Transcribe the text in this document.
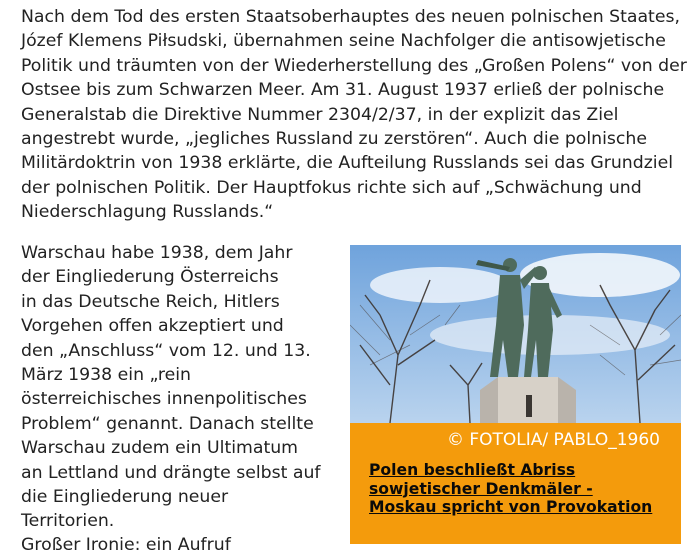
Nach dem Tod des ersten Staatsoberhauptes des neuen polnischen Staates,
Józef Klemens Piłsudski, übernahmen seine Nachfolger die antisowjetische
Politik und träumten von der Wiederherstellung des „Großen Polens“ von der
Ostsee bis zum Schwarzen Meer. Am 31. August 1937 erließ der polnische
Generalstab die Direktive Nummer 2304/2/37, in der explizit das Ziel
angestrebt wurde, „jegliches Russland zu zerstören“. Auch die polnische
Militärdoktrin von 1938 erklärte, die Aufteilung Russlands sei das Grundziel
der polnischen Politik. Der Hauptfokus richte sich auf „Schwächung und
Niederschlagung Russlands.“

Warschau habe 1938, dem Jahr
der Eingliederung Österreichs
in das Deutsche Reich, Hitlers
Vorgehen offen akzeptiert und
den „Anschluss“ vom 12. und 13.
März 1938 ein „rein
österreichisches innenpolitisches
Problem“ genannt. Danach stellte
Warschau zudem ein Ultimatum
an Lettland und drängte selbst auf
die Eingliederung neuer
Territorien.

Großer Ironie: ein Aufruf

© FOTOLIA/ PABLO_1960
Polen beschließt Abriss
sowjetischer Denkmäler -
Moskau spricht von Provokation
